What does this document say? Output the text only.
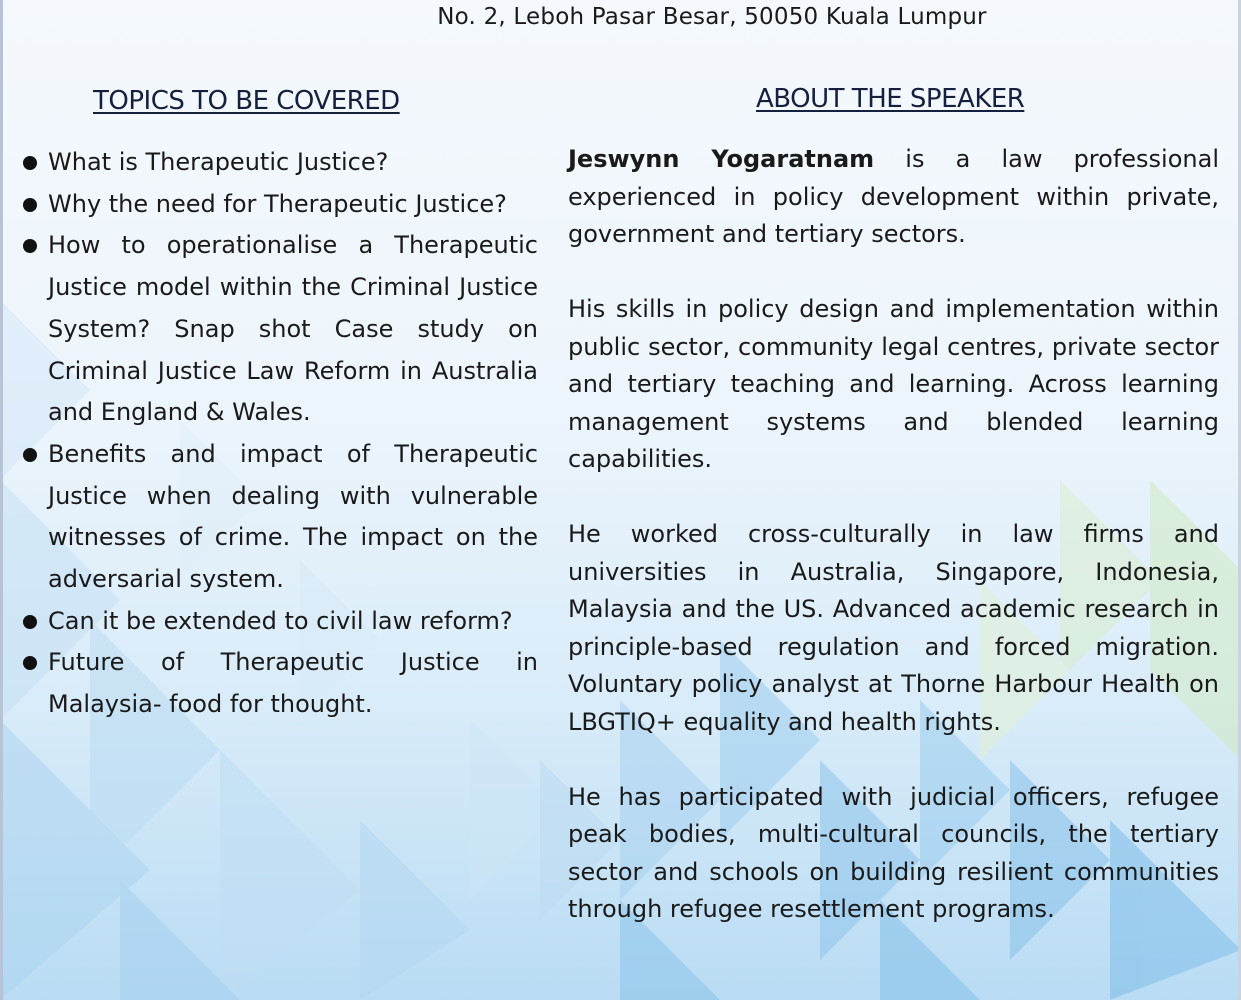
No. 2, Leboh Pasar Besar, 50050 Kuala Lumpur
TOPICS TO BE COVERED	ABOUT THE SPEAKER
What is Therapeutic Justice?
Why the need for Therapeutic Justice?
How to operationalise a Therapeutic Justice model within the Criminal Justice System? Snap shot Case study on Criminal Justice Law Reform in Australia and England & Wales.
Benefits and impact of Therapeutic Justice when dealing with vulnerable witnesses of crime. The impact on the adversarial system.
Can it be extended to civil law reform?
Future of Therapeutic Justice in Malaysia- food for thought.

Jeswynn Yogaratnam is a law professional experienced in policy development within private, government and tertiary sectors.

His skills in policy design and implementation within public sector, community legal centres, private sector and tertiary teaching and learning. Across learning management systems and blended learning capabilities.

He worked cross-culturally in law firms and universities in Australia, Singapore, Indonesia, Malaysia and the US. Advanced academic research in principle-based regulation and forced migration. Voluntary policy analyst at Thorne Harbour Health on LBGTIQ+ equality and health rights.

He has participated with judicial officers, refugee peak bodies, multi-cultural councils, the tertiary sector and schools on building resilient communities through refugee resettlement programs.
